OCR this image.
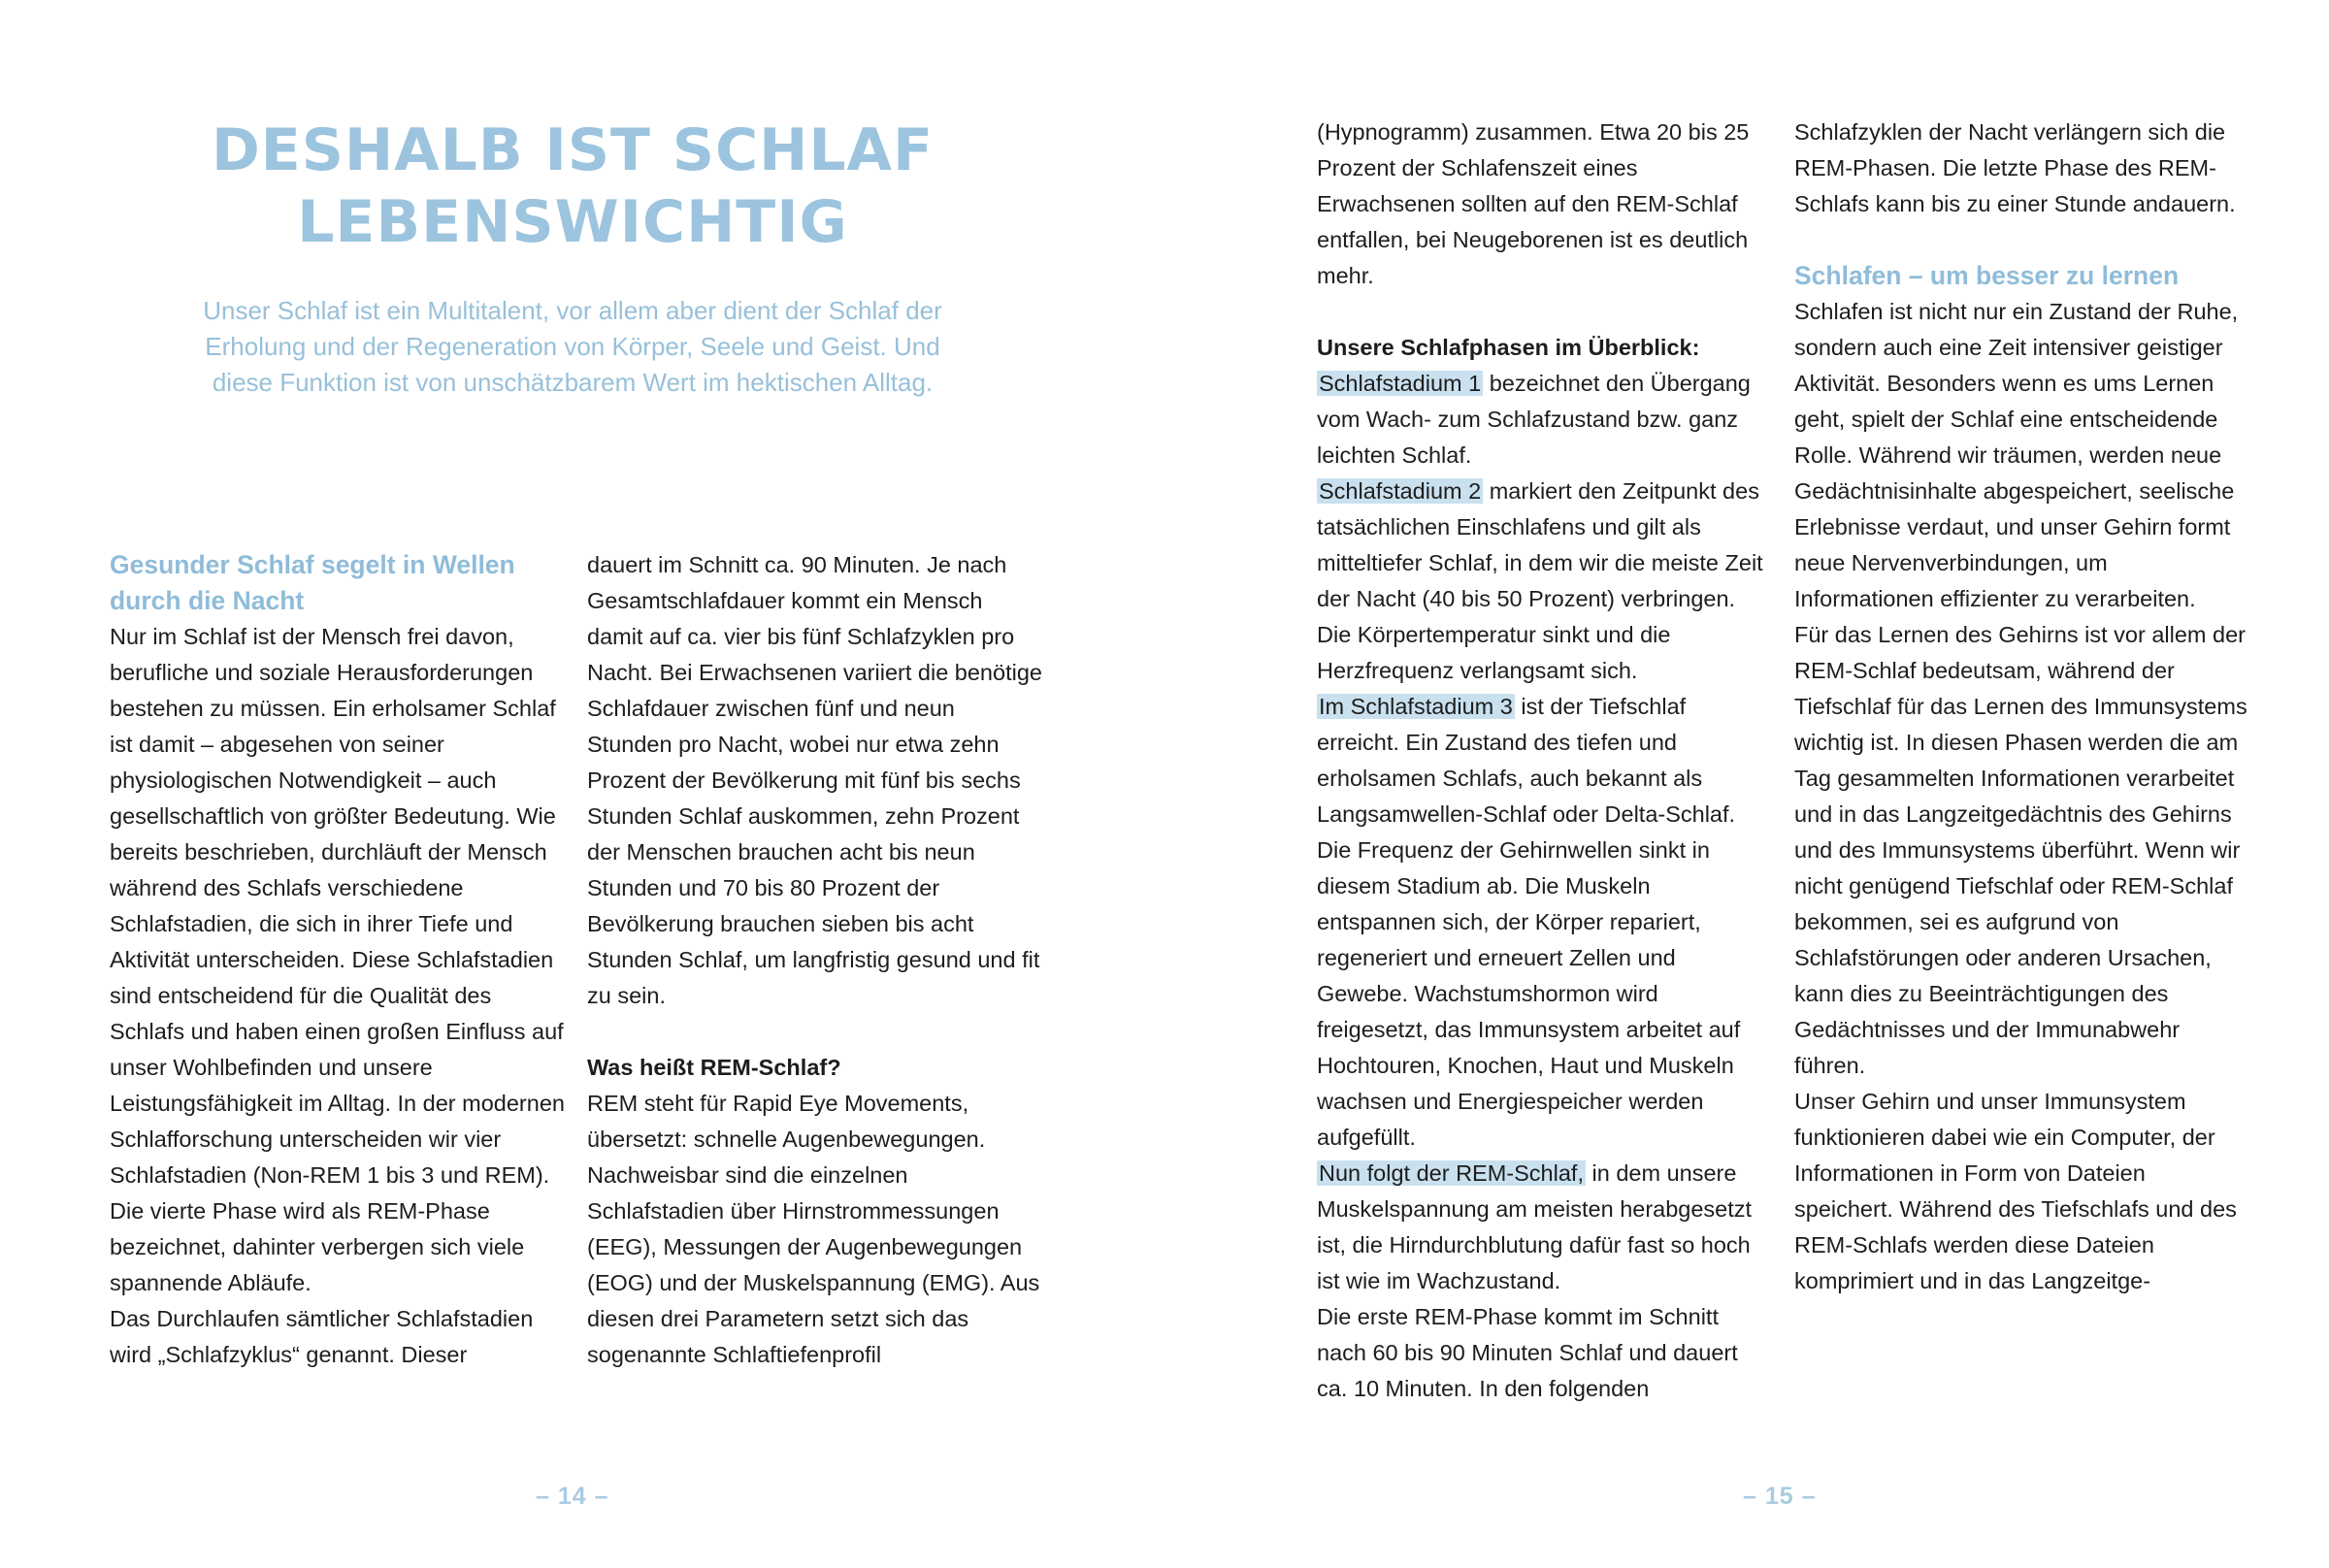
DESHALB IST SCHLAF LEBENSWICHTIG

Unser Schlaf ist ein Multitalent, vor allem aber dient der Schlaf der Erholung und der Regeneration von Körper, Seele und Geist. Und diese Funktion ist von unschätzbarem Wert im hektischen Alltag.

Gesunder Schlaf segelt in Wellen durch die Nacht

Nur im Schlaf ist der Mensch frei davon, berufliche und soziale Herausforderungen bestehen zu müssen. Ein erholsamer Schlaf ist damit – abgesehen von seiner physiologischen Notwendigkeit – auch gesellschaftlich von größter Bedeutung. Wie bereits beschrieben, durchläuft der Mensch während des Schlafs verschiedene Schlafstadien, die sich in ihrer Tiefe und Aktivität unterscheiden. Diese Schlafstadien sind entscheidend für die Qualität des Schlafs und haben einen großen Einfluss auf unser Wohlbefinden und unsere Leistungsfähigkeit im Alltag. In der modernen Schlafforschung unterscheiden wir vier Schlafstadien (Non-REM 1 bis 3 und REM). Die vierte Phase wird als REM-Phase bezeichnet, dahinter verbergen sich viele spannende Abläufe.

Das Durchlaufen sämtlicher Schlafstadien wird „Schlafzyklus“ genannt. Dieser

dauert im Schnitt ca. 90 Minuten. Je nach Gesamtschlafdauer kommt ein Mensch damit auf ca. vier bis fünf Schlafzyklen pro Nacht. Bei Erwachsenen variiert die benötige Schlafdauer zwischen fünf und neun Stunden pro Nacht, wobei nur etwa zehn Prozent der Bevölkerung mit fünf bis sechs Stunden Schlaf auskommen, zehn Prozent der Menschen brauchen acht bis neun Stunden und 70 bis 80 Prozent der Bevölkerung brauchen sieben bis acht Stunden Schlaf, um langfristig gesund und fit zu sein.

Was heißt REM-Schlaf?

REM steht für Rapid Eye Movements, übersetzt: schnelle Augenbewegungen. Nachweisbar sind die einzelnen Schlafstadien über Hirnstrommessungen (EEG), Messungen der Augenbewegungen (EOG) und der Muskelspannung (EMG). Aus diesen drei Parametern setzt sich das sogenannte Schlaftiefenprofil

– 14 –

(Hypnogramm) zusammen. Etwa 20 bis 25 Prozent der Schlafenszeit eines Erwachsenen sollten auf den REM-Schlaf entfallen, bei Neugeborenen ist es deutlich mehr.

Unsere Schlafphasen im Überblick:

Schlafstadium 1 bezeichnet den Übergang vom Wach- zum Schlafzustand bzw. ganz leichten Schlaf.

Schlafstadium 2 markiert den Zeitpunkt des tatsächlichen Einschlafens und gilt als mitteltiefer Schlaf, in dem wir die meiste Zeit der Nacht (40 bis 50 Prozent) verbringen. Die Körpertemperatur sinkt und die Herzfrequenz verlangsamt sich.

Im Schlafstadium 3 ist der Tiefschlaf erreicht. Ein Zustand des tiefen und erholsamen Schlafs, auch bekannt als Langsamwellen-Schlaf oder Delta-Schlaf. Die Frequenz der Gehirnwellen sinkt in diesem Stadium ab. Die Muskeln entspannen sich, der Körper repariert, regeneriert und erneuert Zellen und Gewebe. Wachstumshormon wird freigesetzt, das Immunsystem arbeitet auf Hochtouren, Knochen, Haut und Muskeln wachsen und Energiespeicher werden aufgefüllt.

Nun folgt der REM-Schlaf, in dem unsere Muskelspannung am meisten herabgesetzt ist, die Hirndurchblutung dafür fast so hoch ist wie im Wachzustand.

Die erste REM-Phase kommt im Schnitt nach 60 bis 90 Minuten Schlaf und dauert ca. 10 Minuten. In den folgenden

Schlafzyklen der Nacht verlängern sich die REM-Phasen. Die letzte Phase des REM-Schlafs kann bis zu einer Stunde andauern.

Schlafen – um besser zu lernen

Schlafen ist nicht nur ein Zustand der Ruhe, sondern auch eine Zeit intensiver geistiger Aktivität. Besonders wenn es ums Lernen geht, spielt der Schlaf eine entscheidende Rolle. Während wir träumen, werden neue Gedächtnisinhalte abgespeichert, seelische Erlebnisse verdaut, und unser Gehirn formt neue Nervenverbindungen, um Informationen effizienter zu verarbeiten.

Für das Lernen des Gehirns ist vor allem der REM-Schlaf bedeutsam, während der Tiefschlaf für das Lernen des Immunsystems wichtig ist. In diesen Phasen werden die am Tag gesammelten Informationen verarbeitet und in das Langzeitgedächtnis des Gehirns und des Immunsystems überführt. Wenn wir nicht genügend Tiefschlaf oder REM-Schlaf bekommen, sei es aufgrund von Schlafstörungen oder anderen Ursachen, kann dies zu Beeinträchtigungen des Gedächtnisses und der Immunabwehr führen.

Unser Gehirn und unser Immunsystem funktionieren dabei wie ein Computer, der Informationen in Form von Dateien speichert. Während des Tiefschlafs und des REM-Schlafs werden diese Dateien komprimiert und in das Langzeitge-

– 15 –
